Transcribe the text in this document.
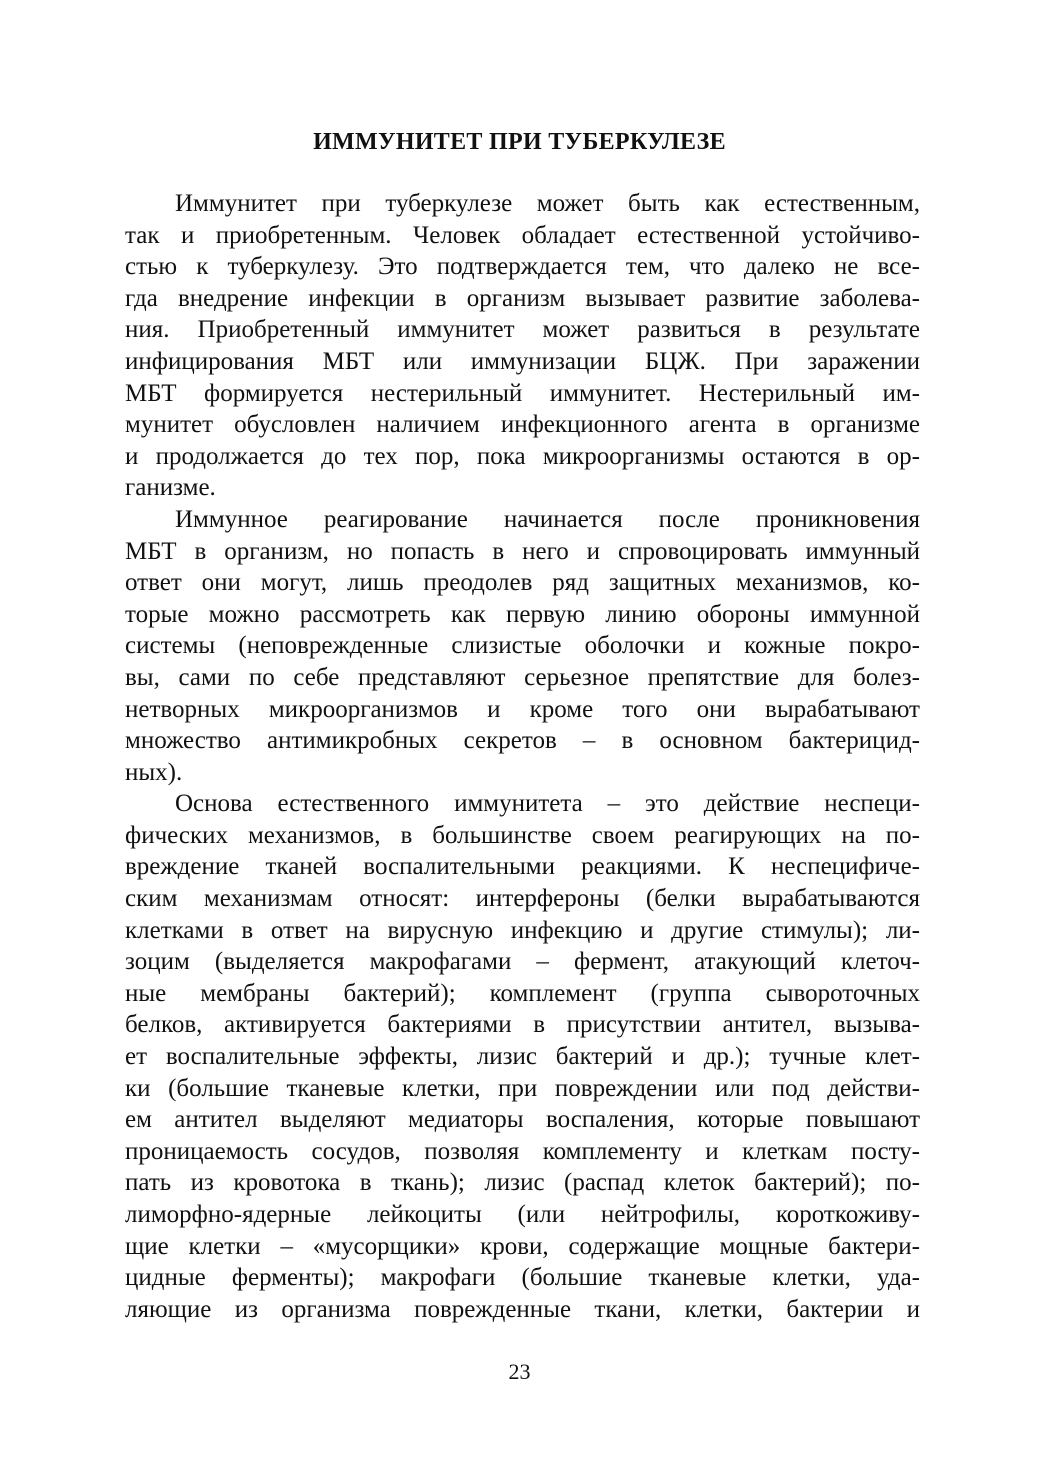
ИММУНИТЕТ ПРИ ТУБЕРКУЛЕЗЕ
Иммунитет при туберкулезе может быть как естественным,
так и приобретенным. Человек обладает естественной устойчиво-
стью к туберкулезу. Это подтверждается тем, что далеко не все-
гда внедрение инфекции в организм вызывает развитие заболева-
ния. Приобретенный иммунитет может развиться в результате
инфицирования МБТ или иммунизации БЦЖ. При заражении
МБТ формируется нестерильный иммунитет. Нестерильный им-
мунитет обусловлен наличием инфекционного агента в организме
и продолжается до тех пор, пока микроорганизмы остаются в ор-
ганизме.
Иммунное реагирование начинается после проникновения
МБТ в организм, но попасть в него и спровоцировать иммунный
ответ они могут, лишь преодолев ряд защитных механизмов, ко-
торые можно рассмотреть как первую линию обороны иммунной
системы (неповрежденные слизистые оболочки и кожные покро-
вы, сами по себе представляют серьезное препятствие для болез-
нетворных микроорганизмов и кроме того они вырабатывают
множество антимикробных секретов – в основном бактерицид-
ных).
Основа естественного иммунитета – это действие неспеци-
фических механизмов, в большинстве своем реагирующих на по-
вреждение тканей воспалительными реакциями. К неспецифиче-
ским механизмам относят: интерфероны (белки вырабатываются
клетками в ответ на вирусную инфекцию и другие стимулы); ли-
зоцим (выделяется макрофагами – фермент, атакующий клеточ-
ные мембраны бактерий); комплемент (группа сывороточных
белков, активируется бактериями в присутствии антител, вызыва-
ет воспалительные эффекты, лизис бактерий и др.); тучные клет-
ки (большие тканевые клетки, при повреждении или под действи-
ем антител выделяют медиаторы воспаления, которые повышают
проницаемость сосудов, позволяя комплементу и клеткам посту-
пать из кровотока в ткань); лизис (распад клеток бактерий); по-
лиморфно-ядерные лейкоциты (или нейтрофилы, короткоживу-
щие клетки – «мусорщики» крови, содержащие мощные бактери-
цидные ферменты); макрофаги (большие тканевые клетки, уда-
ляющие из организма поврежденные ткани, клетки, бактерии и
23
